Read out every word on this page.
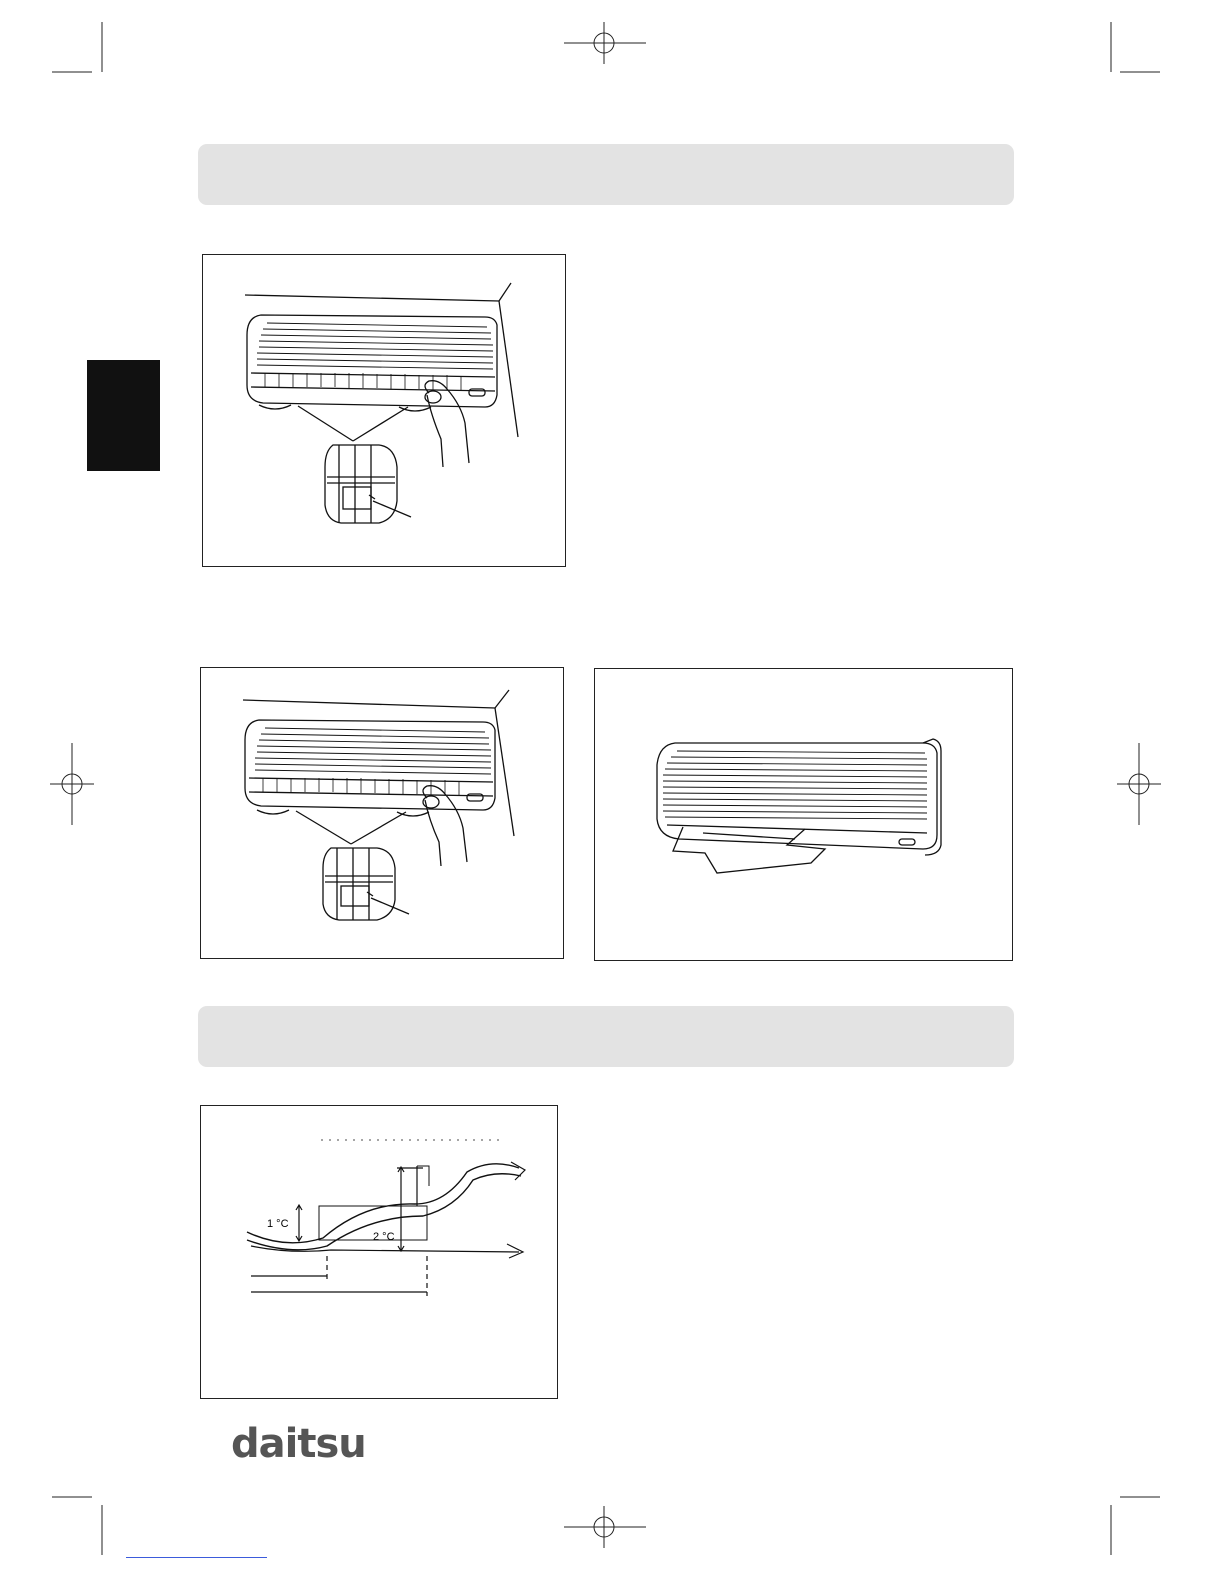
1 °C
2 °C
daitsu
